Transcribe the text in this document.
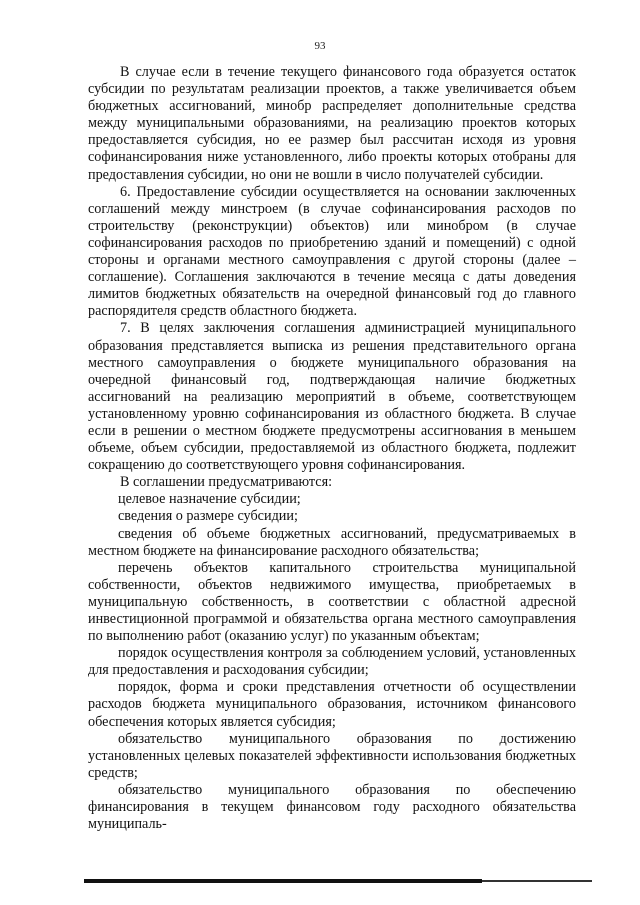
93

В случае если в течение текущего финансового года образуется остаток субсидии по результатам реализации проектов, а также увеличивается объем бюджетных ассигнований, минобр распределяет дополнительные средства между муниципальными образованиями, на реализацию проектов которых предоставляется субсидия, но ее размер был рассчитан исходя из уровня софинансирования ниже установленного, либо проекты которых отобраны для предоставления субсидии, но они не вошли в число получателей субсидии.

6. Предоставление субсидии осуществляется на основании заключенных соглашений между минстроем (в случае софинансирования расходов по строительству (реконструкции) объектов) или минобром (в случае софинансирования расходов по приобретению зданий и помещений) с одной стороны и органами местного самоуправления с другой стороны (далее – соглашение). Соглашения заключаются в течение месяца с даты доведения лимитов бюджетных обязательств на очередной финансовый год до главного распорядителя средств областного бюджета.

7. В целях заключения соглашения администрацией муниципального образования представляется выписка из решения представительного органа местного самоуправления о бюджете муниципального образования на очередной финансовый год, подтверждающая наличие бюджетных ассигнований на реализацию мероприятий в объеме, соответствующем установленному уровню софинансирования из областного бюджета. В случае если в решении о местном бюджете предусмотрены ассигнования в меньшем объеме, объем субсидии, предоставляемой из областного бюджета, подлежит сокращению до соответствующего уровня софинансирования.

В соглашении предусматриваются:

целевое назначение субсидии;

сведения о размере субсидии;

сведения об объеме бюджетных ассигнований, предусматриваемых в местном бюджете на финансирование расходного обязательства;

перечень объектов капитального строительства муниципальной собственности, объектов недвижимого имущества, приобретаемых в муниципальную собственность, в соответствии с областной адресной инвестиционной программой и обязательства органа местного самоуправления по выполнению работ (оказанию услуг) по указанным объектам;

порядок осуществления контроля за соблюдением условий, установленных для предоставления и расходования субсидии;

порядок, форма и сроки представления отчетности об осуществлении расходов бюджета муниципального образования, источником финансового обеспечения которых является субсидия;

обязательство муниципального образования по достижению установленных целевых показателей эффективности использования бюджетных средств;

обязательство муниципального образования по обеспечению финансирования в текущем финансовом году расходного обязательства муниципаль-
